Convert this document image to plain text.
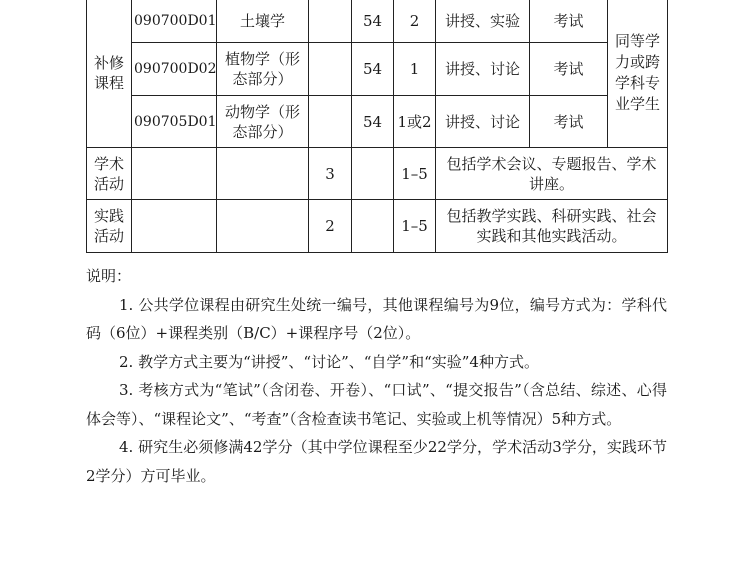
补修课程	090700D01	土壤学		54	2	讲授、实验	考试	同等学力或跨学科专业学生
	090700D02	植物学（形态部分）		54	1	讲授、讨论	考试	
	090705D01	动物学（形态部分）		54	1或2	讲授、讨论	考试	
学术活动			3		1–5	包括学术会议、专题报告、学术讲座。		
实践活动			2		1–5	包括教学实践、科研实践、社会实践和其他实践活动。		

说明：

1. 公共学位课程由研究生处统一编号，其他课程编号为9位，编号方式为：学科代码（6位）+课程类别（B/C）+课程序号（2位）。

2. 教学方式主要为“讲授”、“讨论”、“自学”和“实验”4种方式。

3. 考核方式为“笔试”（含闭卷、开卷）、“口试”、“提交报告”（含总结、综述、心得体会等）、“课程论文”、“考查”（含检查读书笔记、实验或上机等情况）5种方式。

4. 研究生必须修满42学分（其中学位课程至少22学分，学术活动3学分，实践环节2学分）方可毕业。
